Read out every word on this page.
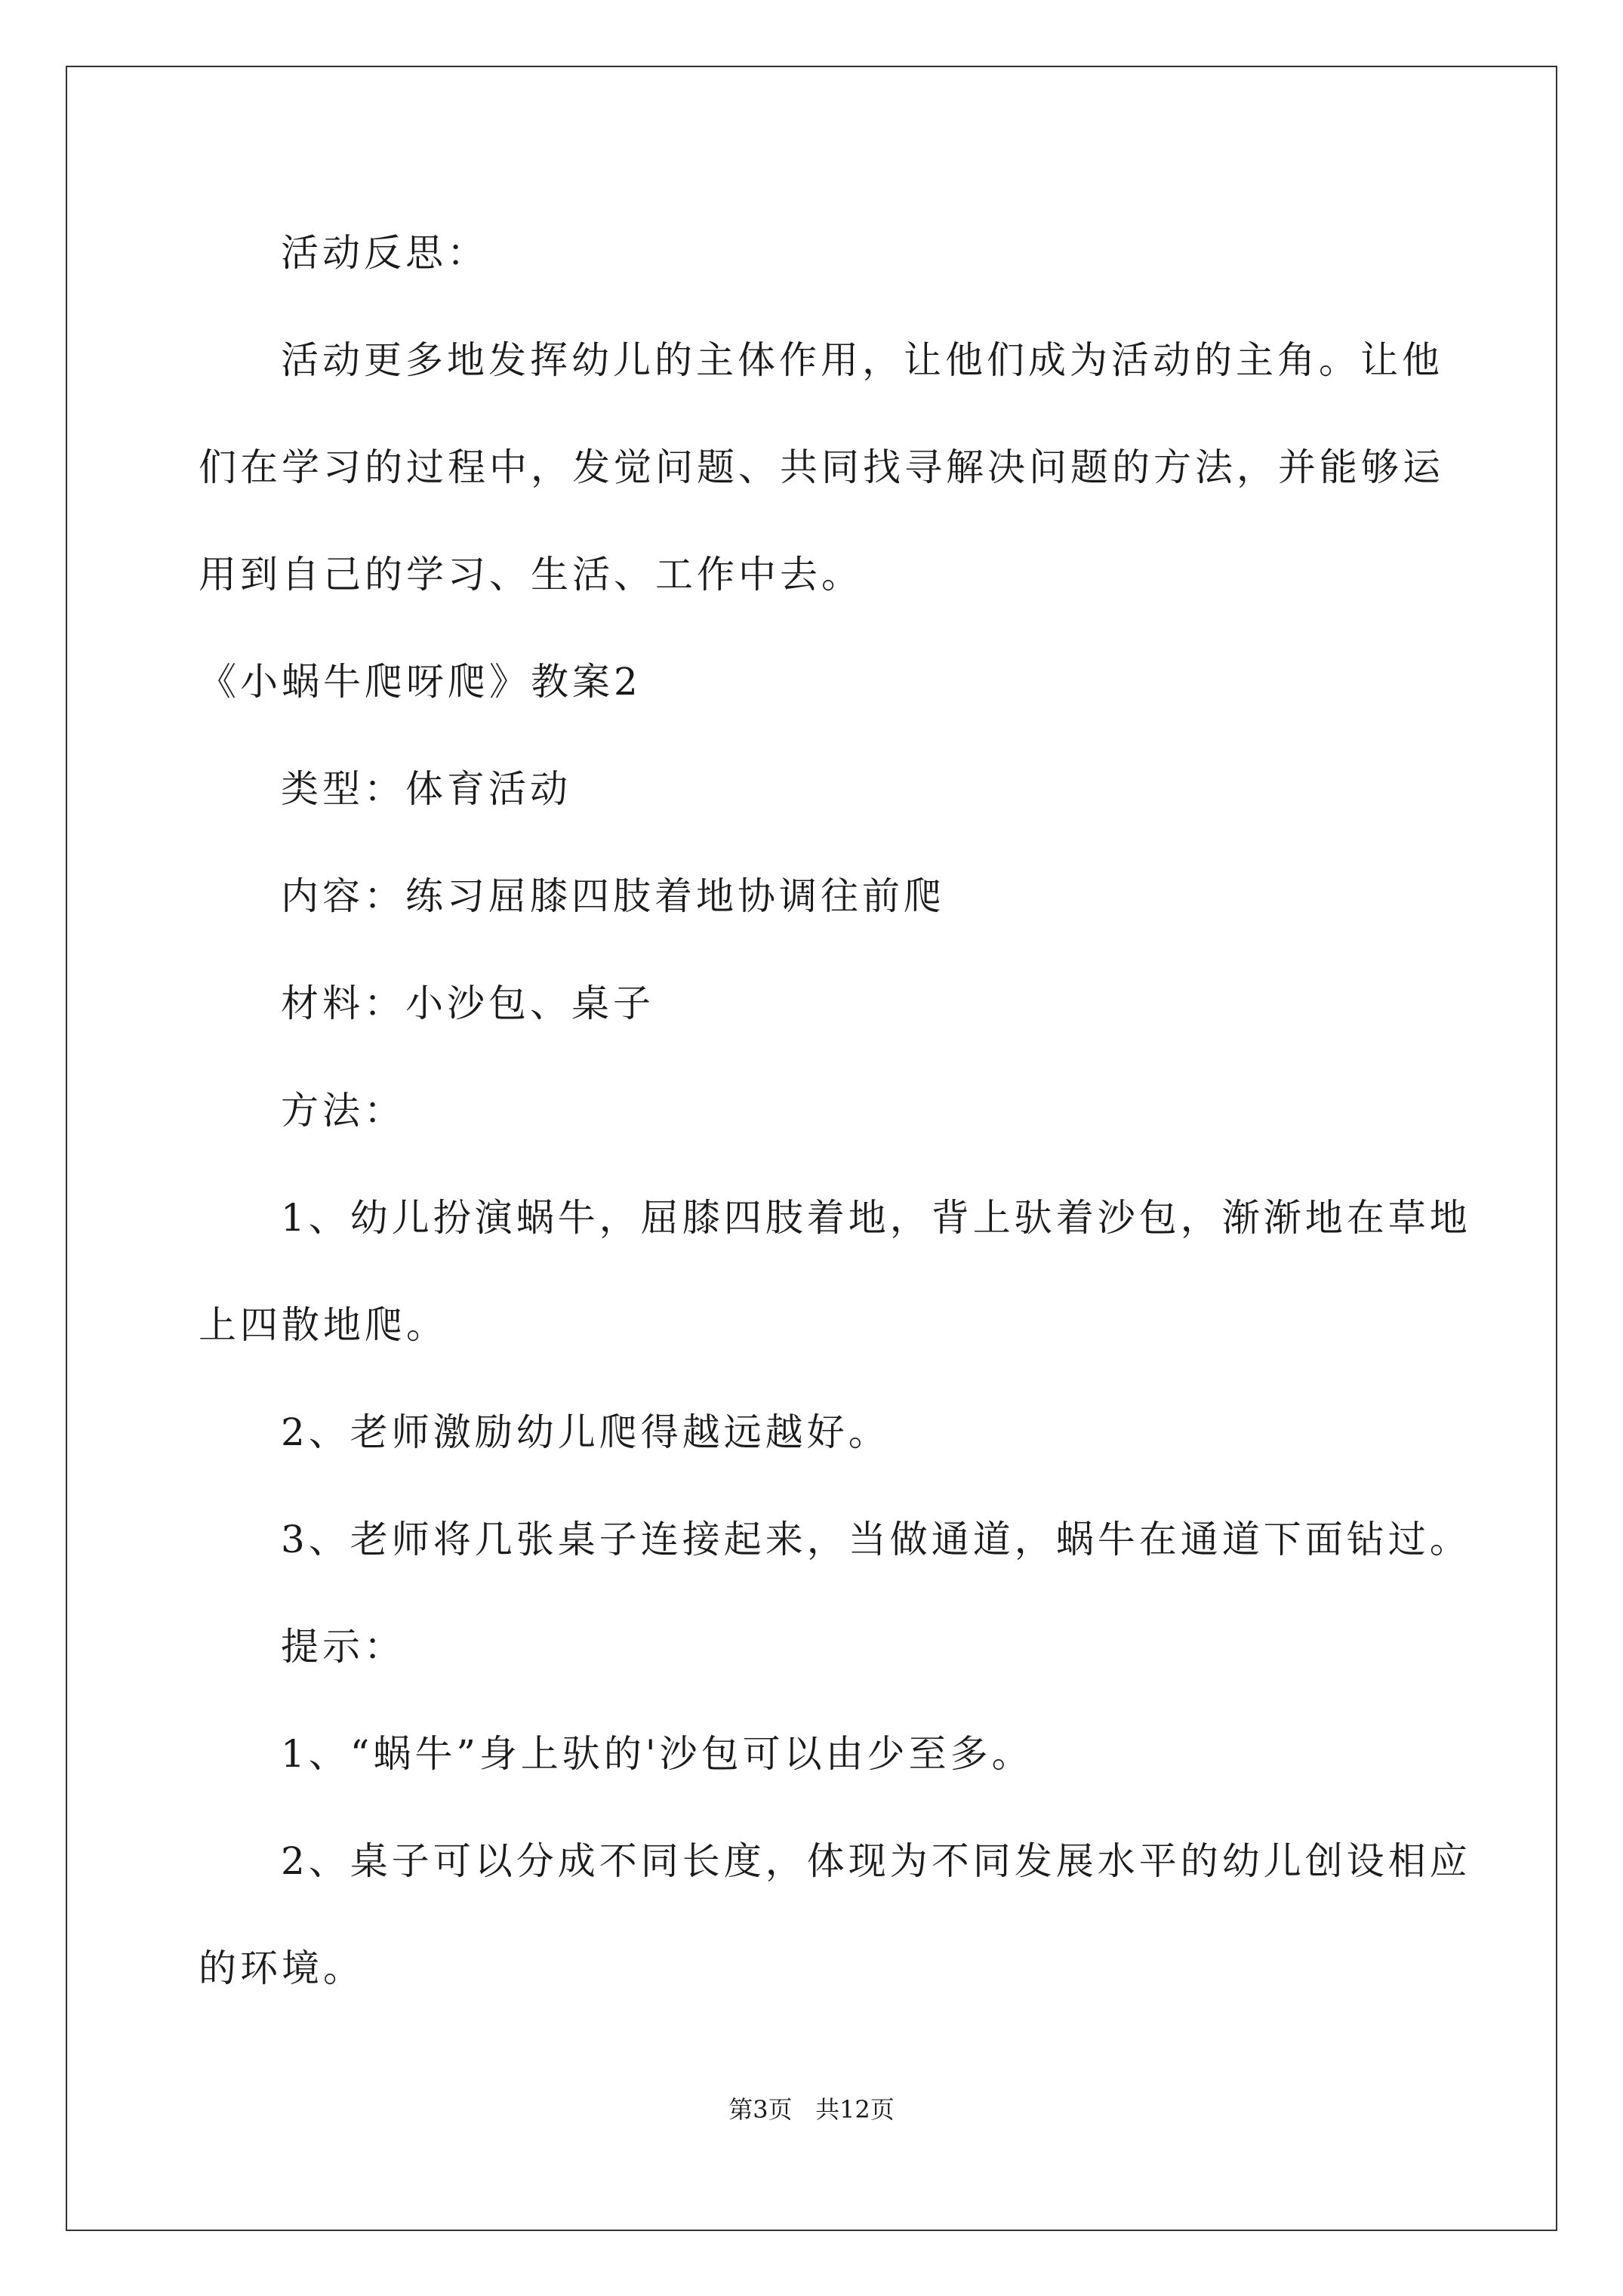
活动反思：
活动更多地发挥幼儿的主体作用，让他们成为活动的主角。让他
们在学习的过程中，发觉问题、共同找寻解决问题的方法，并能够运
用到自己的学习、生活、工作中去。
《小蜗牛爬呀爬》教案2
类型：体育活动
内容：练习屈膝四肢着地协调往前爬
材料：小沙包、桌子
方法：
1、幼儿扮演蜗牛，屈膝四肢着地，背上驮着沙包，渐渐地在草地
上四散地爬。
2、老师激励幼儿爬得越远越好。
3、老师将几张桌子连接起来，当做通道，蜗牛在通道下面钻过。
提示：
1、“蜗牛”身上驮的'沙包可以由少至多。
2、桌子可以分成不同长度，体现为不同发展水平的幼儿创设相应
的环境。
第3页   共12页
